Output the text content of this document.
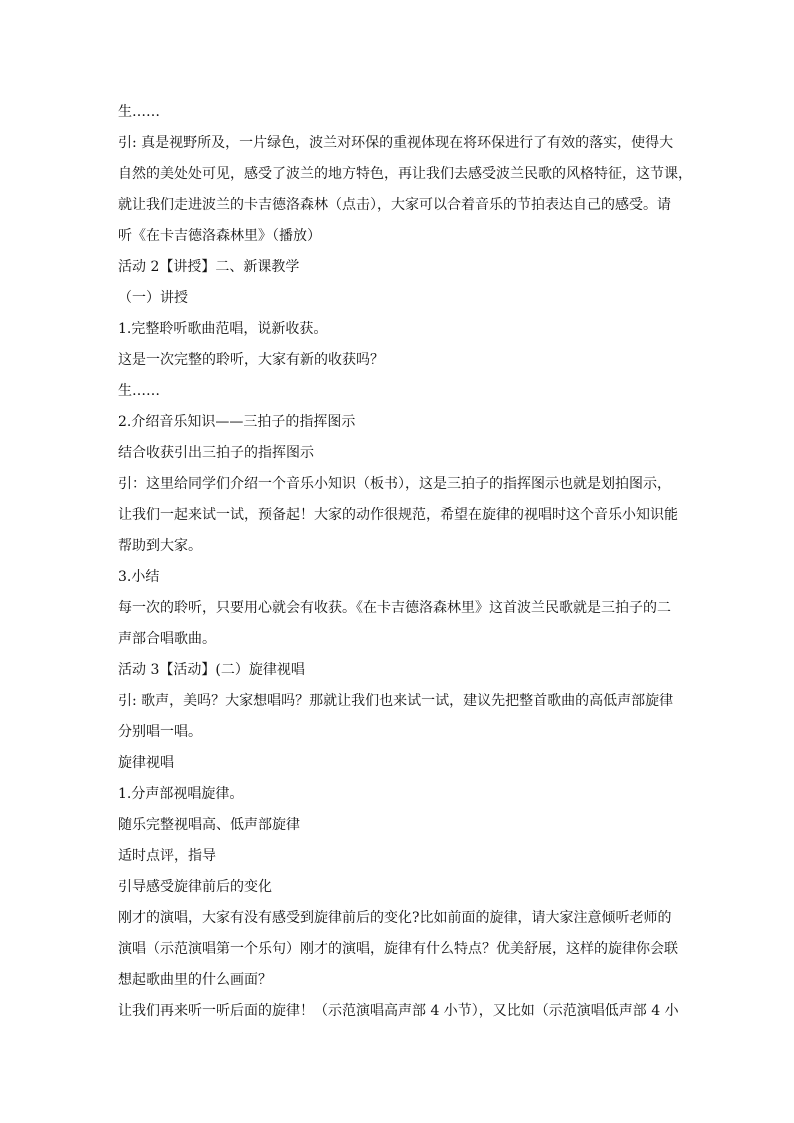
生……
引: 真是视野所及，一片绿色，波兰对环保的重视体现在将环保进行了有效的落实，使得大
自然的美处处可见，感受了波兰的地方特色，再让我们去感受波兰民歌的风格特征，这节课，
就让我们走进波兰的卡吉德洛森林（点击），大家可以合着音乐的节拍表达自己的感受。请
听《在卡吉德洛森林里》（播放）
活动 2【讲授】二、新课教学
（一）讲授
1.完整聆听歌曲范唱，说新收获。
这是一次完整的聆听，大家有新的收获吗？
生……
2.介绍音乐知识——三拍子的指挥图示
结合收获引出三拍子的指挥图示
引：这里给同学们介绍一个音乐小知识（板书），这是三拍子的指挥图示也就是划拍图示，
让我们一起来试一试，预备起！大家的动作很规范，希望在旋律的视唱时这个音乐小知识能
帮助到大家。
3.小结
每一次的聆听，只要用心就会有收获。《在卡吉德洛森林里》这首波兰民歌就是三拍子的二
声部合唱歌曲。
活动 3【活动】(二）旋律视唱
引: 歌声，美吗？大家想唱吗？那就让我们也来试一试，建议先把整首歌曲的高低声部旋律
分别唱一唱。
旋律视唱
1.分声部视唱旋律。
随乐完整视唱高、低声部旋律
适时点评，指导
引导感受旋律前后的变化
刚才的演唱，大家有没有感受到旋律前后的变化?比如前面的旋律，请大家注意倾听老师的
演唱（示范演唱第一个乐句）刚才的演唱，旋律有什么特点？优美舒展，这样的旋律你会联
想起歌曲里的什么画面？
让我们再来听一听后面的旋律！（示范演唱高声部 4 小节），又比如（示范演唱低声部 4 小
